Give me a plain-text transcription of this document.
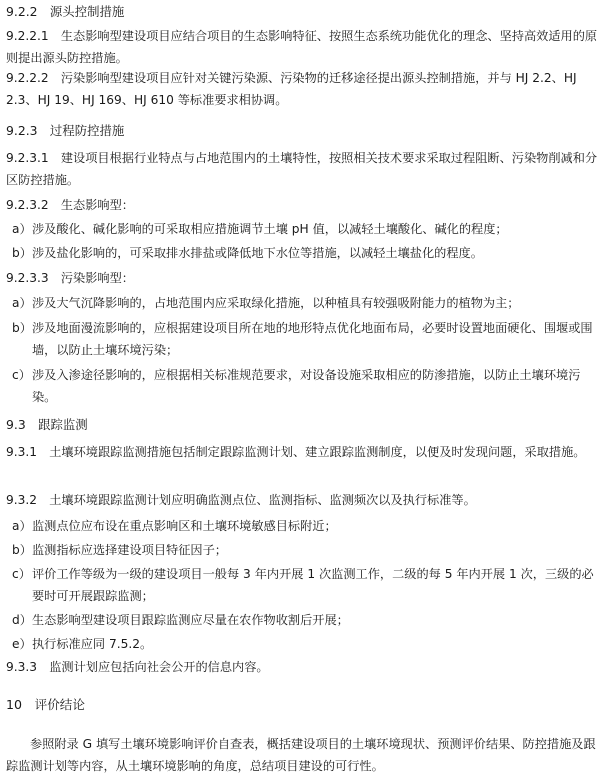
9.2.2　源头控制措施
9.2.2.1　生态影响型建设项目应结合项目的生态影响特征、按照生态系统功能优化的理念、坚持高效适用的原则提出源头防控措施。
9.2.2.2　污染影响型建设项目应针对关键污染源、污染物的迁移途径提出源头控制措施，并与 HJ 2.2、HJ 2.3、HJ 19、HJ 169、HJ 610 等标准要求相协调。
9.2.3　过程防控措施
9.2.3.1　建设项目根据行业特点与占地范围内的土壤特性，按照相关技术要求采取过程阻断、污染物削减和分区防控措施。
9.2.3.2　生态影响型：
a） 涉及酸化、碱化影响的可采取相应措施调节土壤 pH 值，以减轻土壤酸化、碱化的程度；
b） 涉及盐化影响的，可采取排水排盐或降低地下水位等措施，以减轻土壤盐化的程度。
9.2.3.3　污染影响型：
a） 涉及大气沉降影响的，占地范围内应采取绿化措施，以种植具有较强吸附能力的植物为主；
b） 涉及地面漫流影响的，应根据建设项目所在地的地形特点优化地面布局，必要时设置地面硬化、围堰或围墙，以防止土壤环境污染；
c） 涉及入渗途径影响的，应根据相关标准规范要求，对设备设施采取相应的防渗措施，以防止土壤环境污染。
9.3　跟踪监测
9.3.1　土壤环境跟踪监测措施包括制定跟踪监测计划、建立跟踪监测制度，以便及时发现问题，采取措施。
9.3.2　土壤环境跟踪监测计划应明确监测点位、监测指标、监测频次以及执行标准等。
a） 监测点位应布设在重点影响区和土壤环境敏感目标附近；
b） 监测指标应选择建设项目特征因子；
c） 评价工作等级为一级的建设项目一般每 3 年内开展 1 次监测工作，二级的每 5 年内开展 1 次，三级的必要时可开展跟踪监测；
d） 生态影响型建设项目跟踪监测应尽量在农作物收割后开展；
e） 执行标准应同 7.5.2。
9.3.3　监测计划应包括向社会公开的信息内容。
10　评价结论
参照附录 G 填写土壤环境影响评价自查表，概括建设项目的土壤环境现状、预测评价结果、防控措施及跟踪监测计划等内容，从土壤环境影响的角度，总结项目建设的可行性。
